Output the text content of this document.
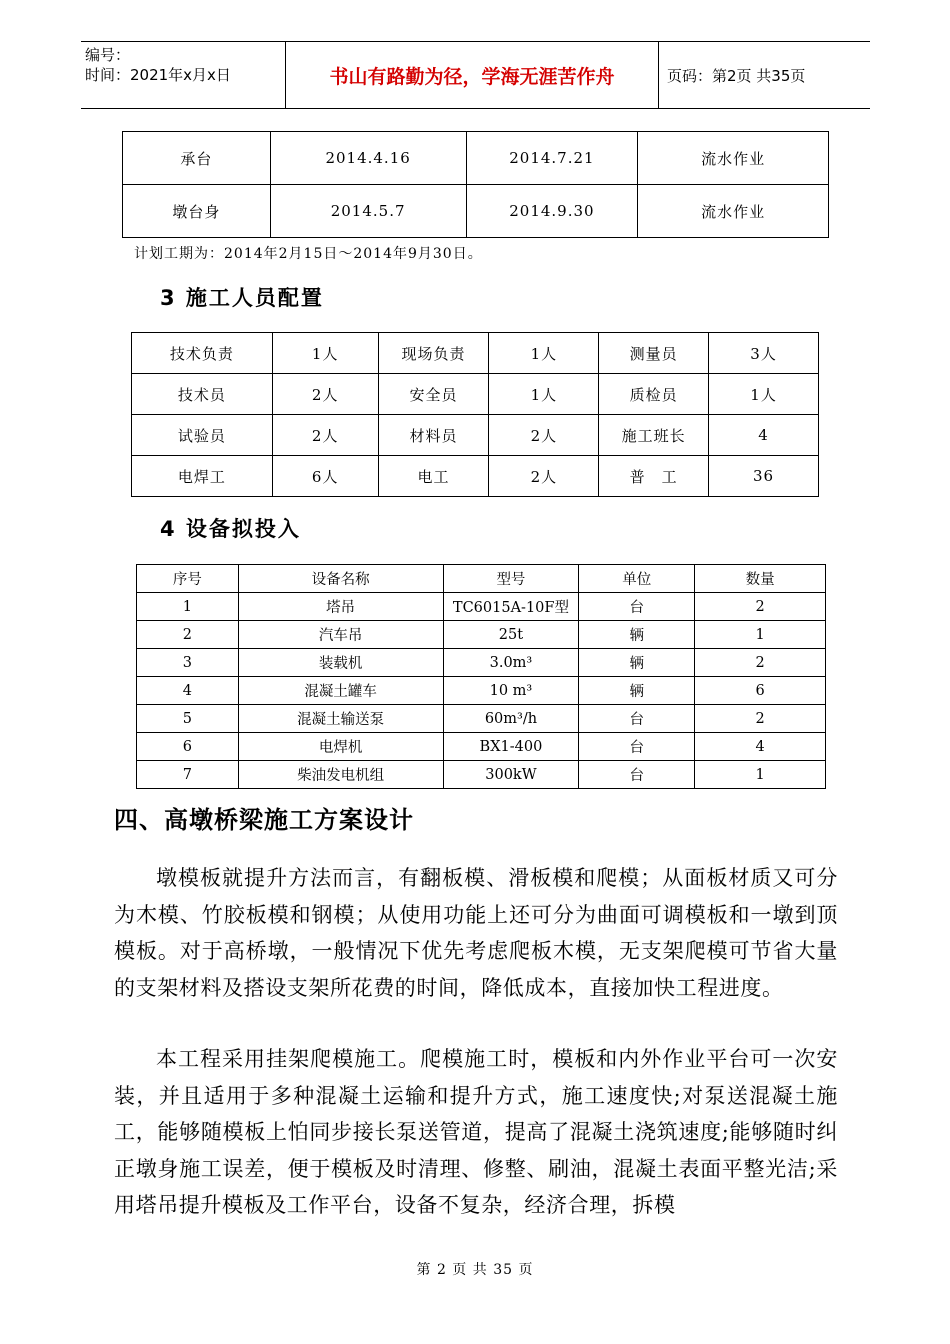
编号：
时间：2021年x月x日	书山有路勤为径，学海无涯苦作舟	页码：第2页 共35页
承台	2014.4.16	2014.7.21	流水作业
墩台身	2014.5.7	2014.9.30	流水作业
计划工期为：2014年2月15日～2014年9月30日。
3 施工人员配置
技术负责	1人	现场负责	1人	测量员	3人
技术员	2人	安全员	1人	质检员	1人
试验员	2人	材料员	2人	施工班长	4
电焊工	6人	电工	2人	普　工	36
4 设备拟投入
序号	设备名称	型号	单位	数量
1	塔吊	TC6015A-10F型	台	2
2	汽车吊	25t	辆	1
3	装载机	3.0m³	辆	2
4	混凝土罐车	10 m³	辆	6
5	混凝土输送泵	60m³/h	台	2
6	电焊机	BX1-400	台	4
7	柴油发电机组	300kW	台	1
四、高墩桥梁施工方案设计

墩模板就提升方法而言，有翻板模、滑板模和爬模；从面板材质又可分为木模、竹胶板模和钢模；从使用功能上还可分为曲面可调模板和一墩到顶模板。对于高桥墩，一般情况下优先考虑爬板木模，无支架爬模可节省大量的支架材料及搭设支架所花费的时间，降低成本，直接加快工程进度。

本工程采用挂架爬模施工。爬模施工时，模板和内外作业平台可一次安装，并且适用于多种混凝土运输和提升方式，施工速度快;对泵送混凝土施工，能够随模板上怕同步接长泵送管道，提高了混凝土浇筑速度;能够随时纠正墩身施工误差，便于模板及时清理、修整、刷油，混凝土表面平整光洁;采用塔吊提升模板及工作平台，设备不复杂，经济合理，拆模

第 2 页 共 35 页
